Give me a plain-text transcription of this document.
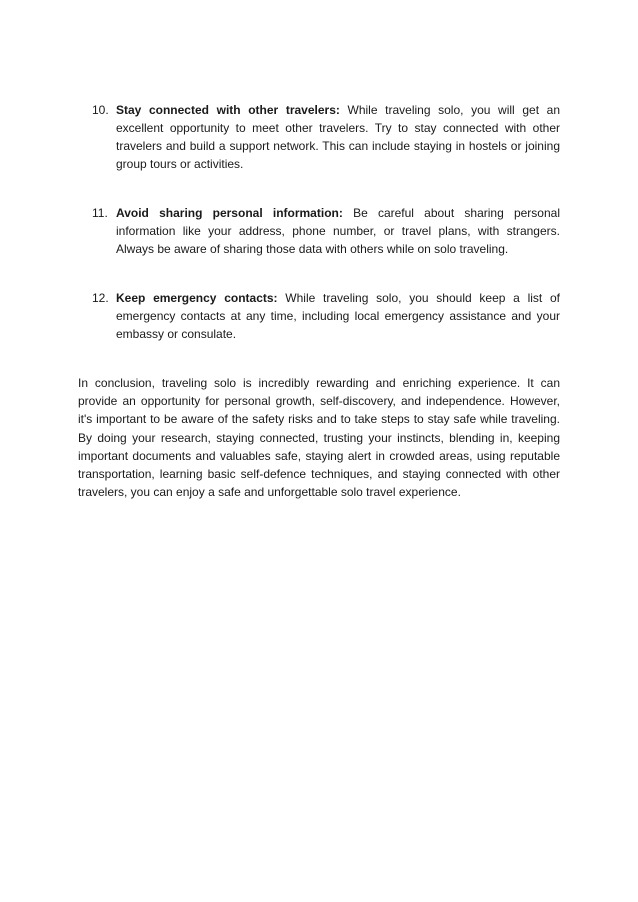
10. Stay connected with other travelers: While traveling solo, you will get an excellent opportunity to meet other travelers. Try to stay connected with other travelers and build a support network. This can include staying in hostels or joining group tours or activities.
11. Avoid sharing personal information: Be careful about sharing personal information like your address, phone number, or travel plans, with strangers. Always be aware of sharing those data with others while on solo traveling.
12. Keep emergency contacts: While traveling solo, you should keep a list of emergency contacts at any time, including local emergency assistance and your embassy or consulate.

In conclusion, traveling solo is incredibly rewarding and enriching experience. It can provide an opportunity for personal growth, self-discovery, and independence. However, it's important to be aware of the safety risks and to take steps to stay safe while traveling. By doing your research, staying connected, trusting your instincts, blending in, keeping important documents and valuables safe, staying alert in crowded areas, using reputable transportation, learning basic self-defence techniques, and staying connected with other travelers, you can enjoy a safe and unforgettable solo travel experience.
